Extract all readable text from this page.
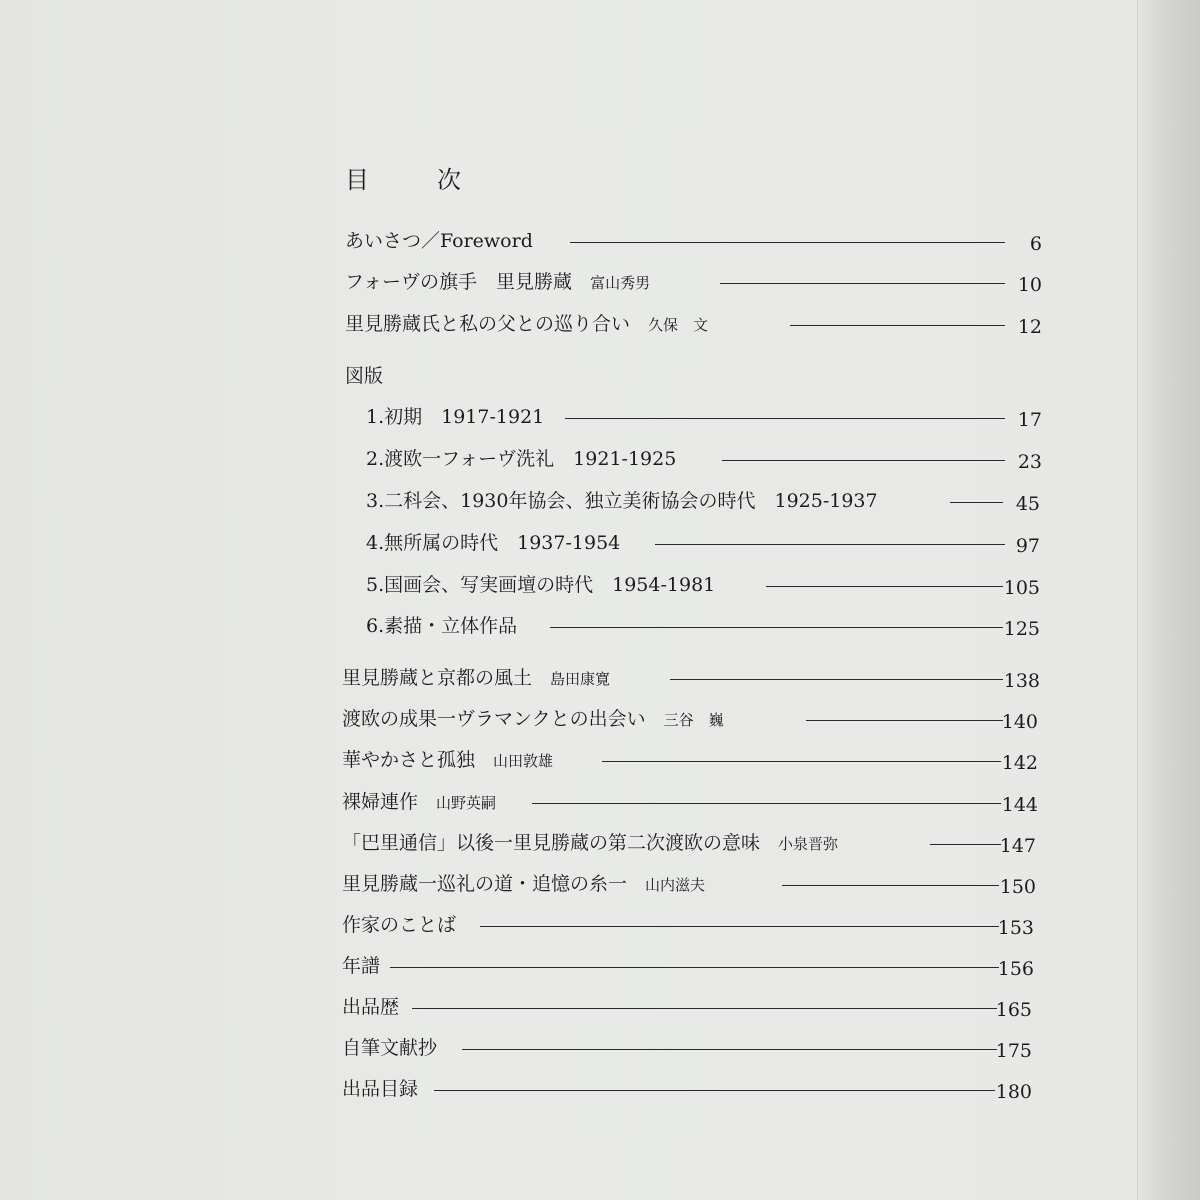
目　次
図版
あいさつ／Foreword	6
フォーヴの旗手　里見勝蔵 富山秀男	10
里見勝蔵氏と私の父との巡り合い 久保　文	12
1.初期　1917-1921	17
2.渡欧一フォーヴ洗礼　1921-1925	23
3.二科会、1930年協会、独立美術協会の時代　1925-1937	45
4.無所属の時代　1937-1954	97
5.国画会、写実画壇の時代　1954-1981	105
6.素描・立体作品	125
里見勝蔵と京都の風土 島田康寛	138
渡欧の成果一ヴラマンクとの出会い 三谷　巍	140
華やかさと孤独 山田敦雄	142
裸婦連作 山野英嗣	144
「巴里通信」以後一里見勝蔵の第二次渡欧の意味 小泉晋弥	147
里見勝蔵一巡礼の道・追憶の糸一 山内滋夫	150
作家のことば	153
年譜	156
出品歴	165
自筆文献抄	175
出品目録	180
